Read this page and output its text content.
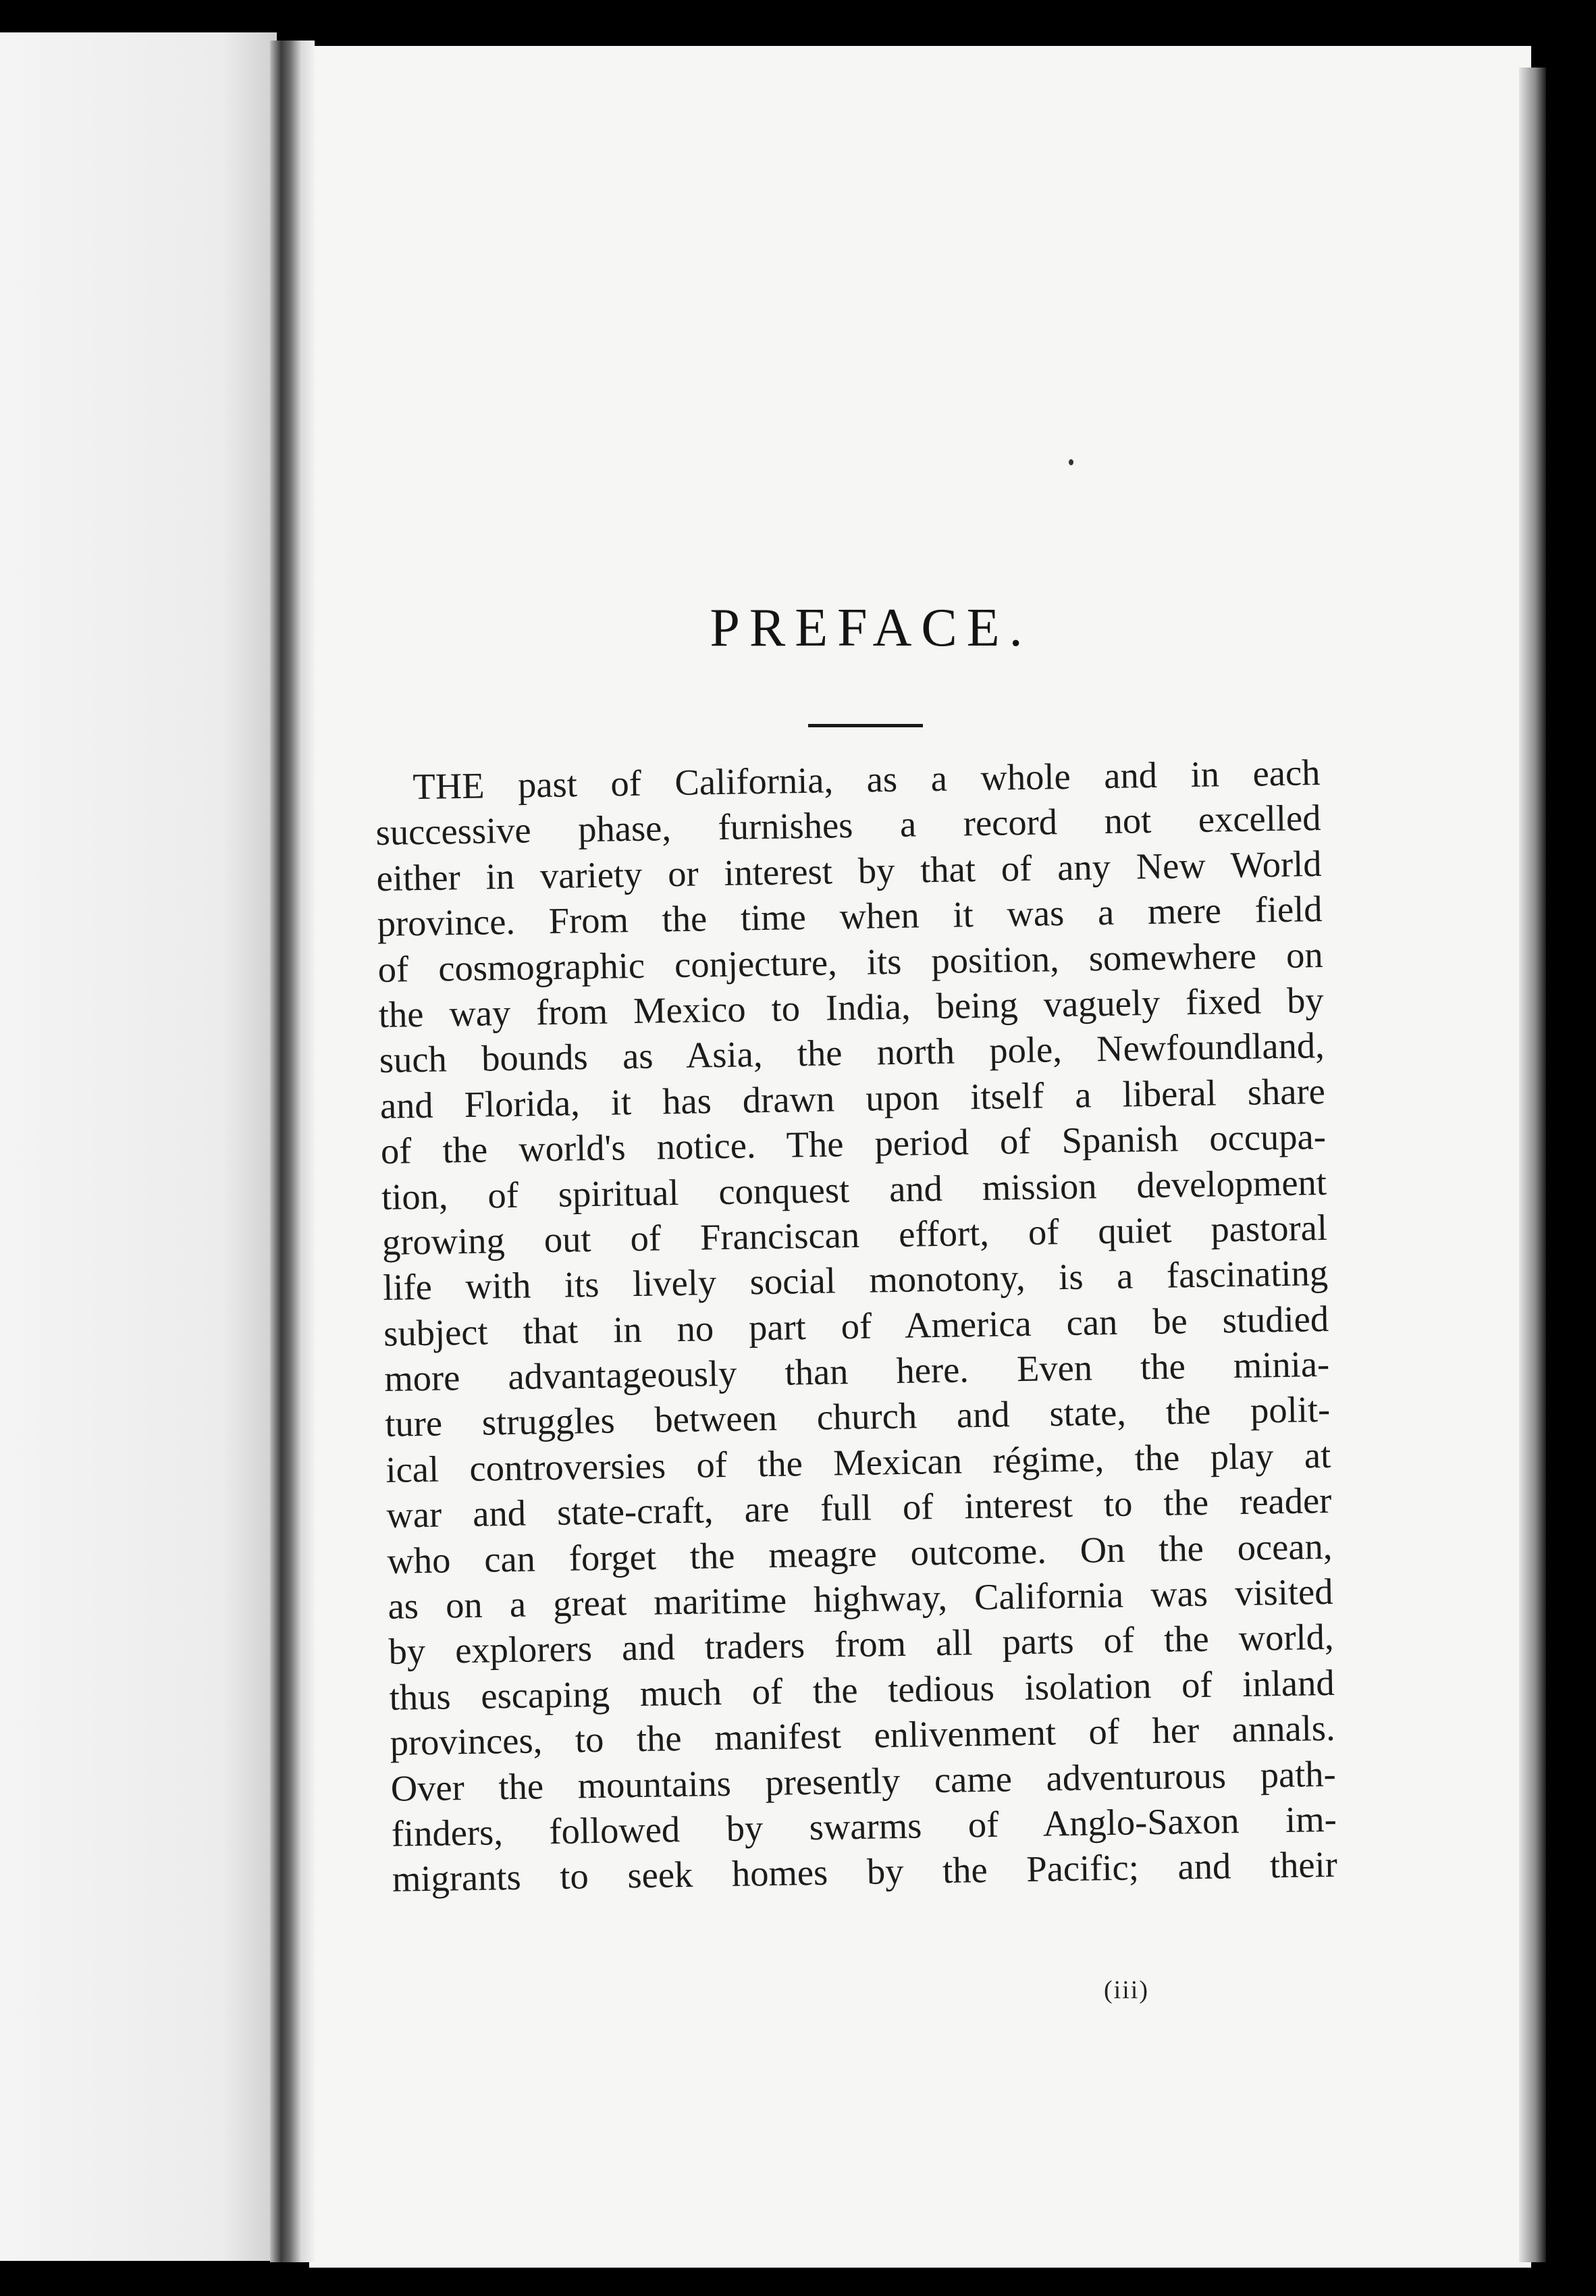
PREFACE.
THE past of California, as a whole and in each
successive phase, furnishes a record not excelled
either in variety or interest by that of any New World
province. From the time when it was a mere field
of cosmographic conjecture, its position, somewhere on
the way from Mexico to India, being vaguely fixed by
such bounds as Asia, the north pole, Newfoundland,
and Florida, it has drawn upon itself a liberal share
of the world's notice. The period of Spanish occupa-
tion, of spiritual conquest and mission development
growing out of Franciscan effort, of quiet pastoral
life with its lively social monotony, is a fascinating
subject that in no part of America can be studied
more advantageously than here. Even the minia-
ture struggles between church and state, the polit-
ical controversies of the Mexican régime, the play at
war and state-craft, are full of interest to the reader
who can forget the meagre outcome. On the ocean,
as on a great maritime highway, California was visited
by explorers and traders from all parts of the world,
thus escaping much of the tedious isolation of inland
provinces, to the manifest enlivenment of her annals.
Over the mountains presently came adventurous path-
finders, followed by swarms of Anglo-Saxon im-
migrants to seek homes by the Pacific; and their
(iii)
